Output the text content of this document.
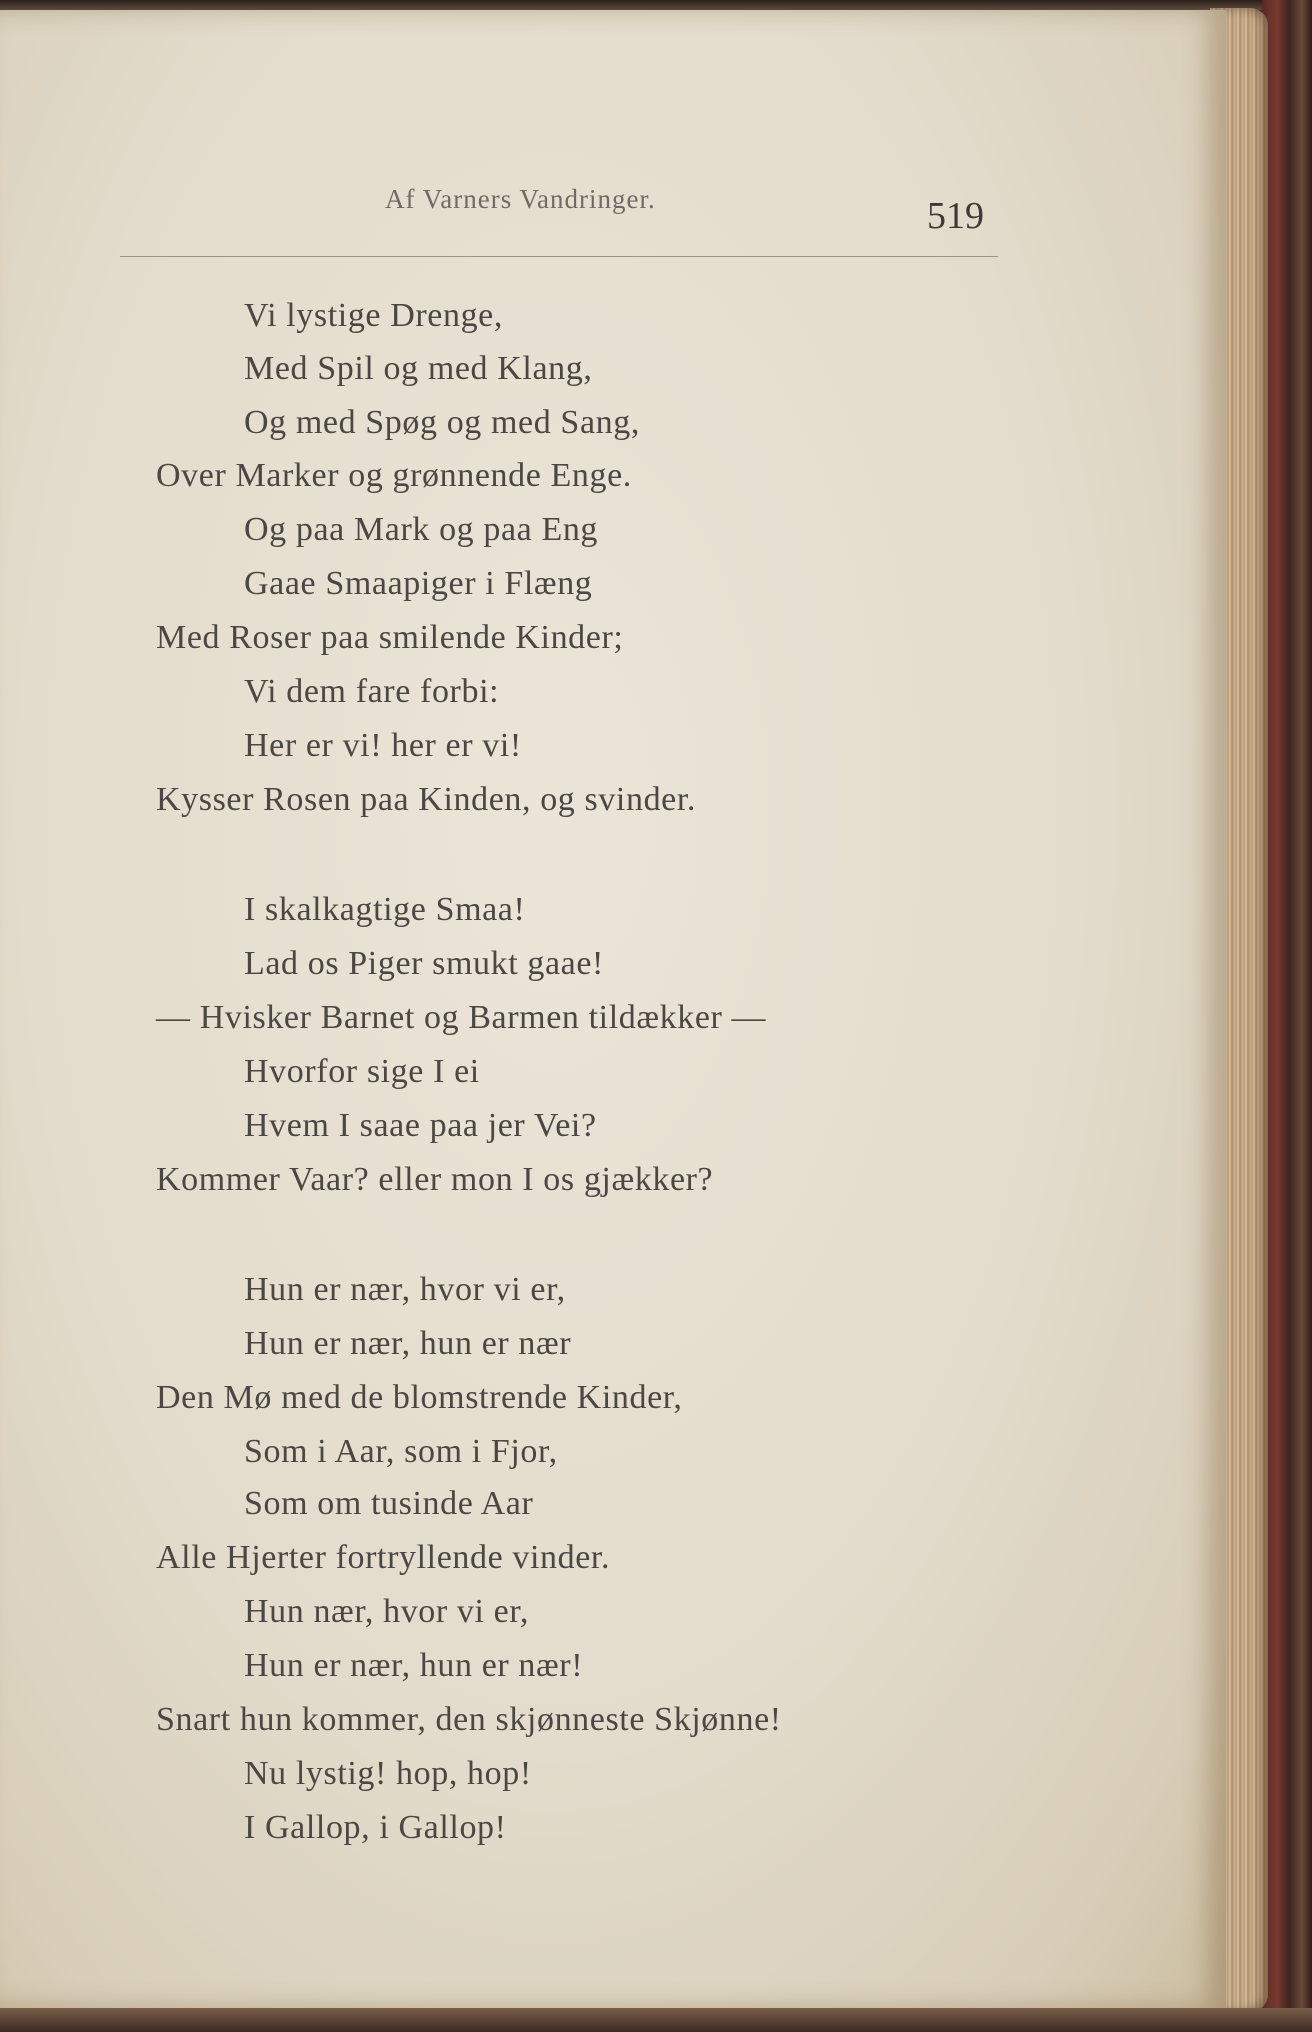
Af Varners Vandringer.	519
Vi lystige Drenge,
Med Spil og med Klang,
Og med Spøg og med Sang,
Over Marker og grønnende Enge.
Og paa Mark og paa Eng
Gaae Smaapiger i Flæng
Med Roser paa smilende Kinder;
Vi dem fare forbi:
Her er vi! her er vi!
Kysser Rosen paa Kinden, og svinder.
I skalkagtige Smaa!
Lad os Piger smukt gaae!
— Hvisker Barnet og Barmen tildækker —
Hvorfor sige I ei
Hvem I saae paa jer Vei?
Kommer Vaar? eller mon I os gjækker?
Hun er nær, hvor vi er,
Hun er nær, hun er nær
Den Mø med de blomstrende Kinder,
Som i Aar, som i Fjor,
Som om tusinde Aar
Alle Hjerter fortryllende vinder.
Hun nær, hvor vi er,
Hun er nær, hun er nær!
Snart hun kommer, den skjønneste Skjønne!
Nu lystig! hop, hop!
I Gallop, i Gallop!
